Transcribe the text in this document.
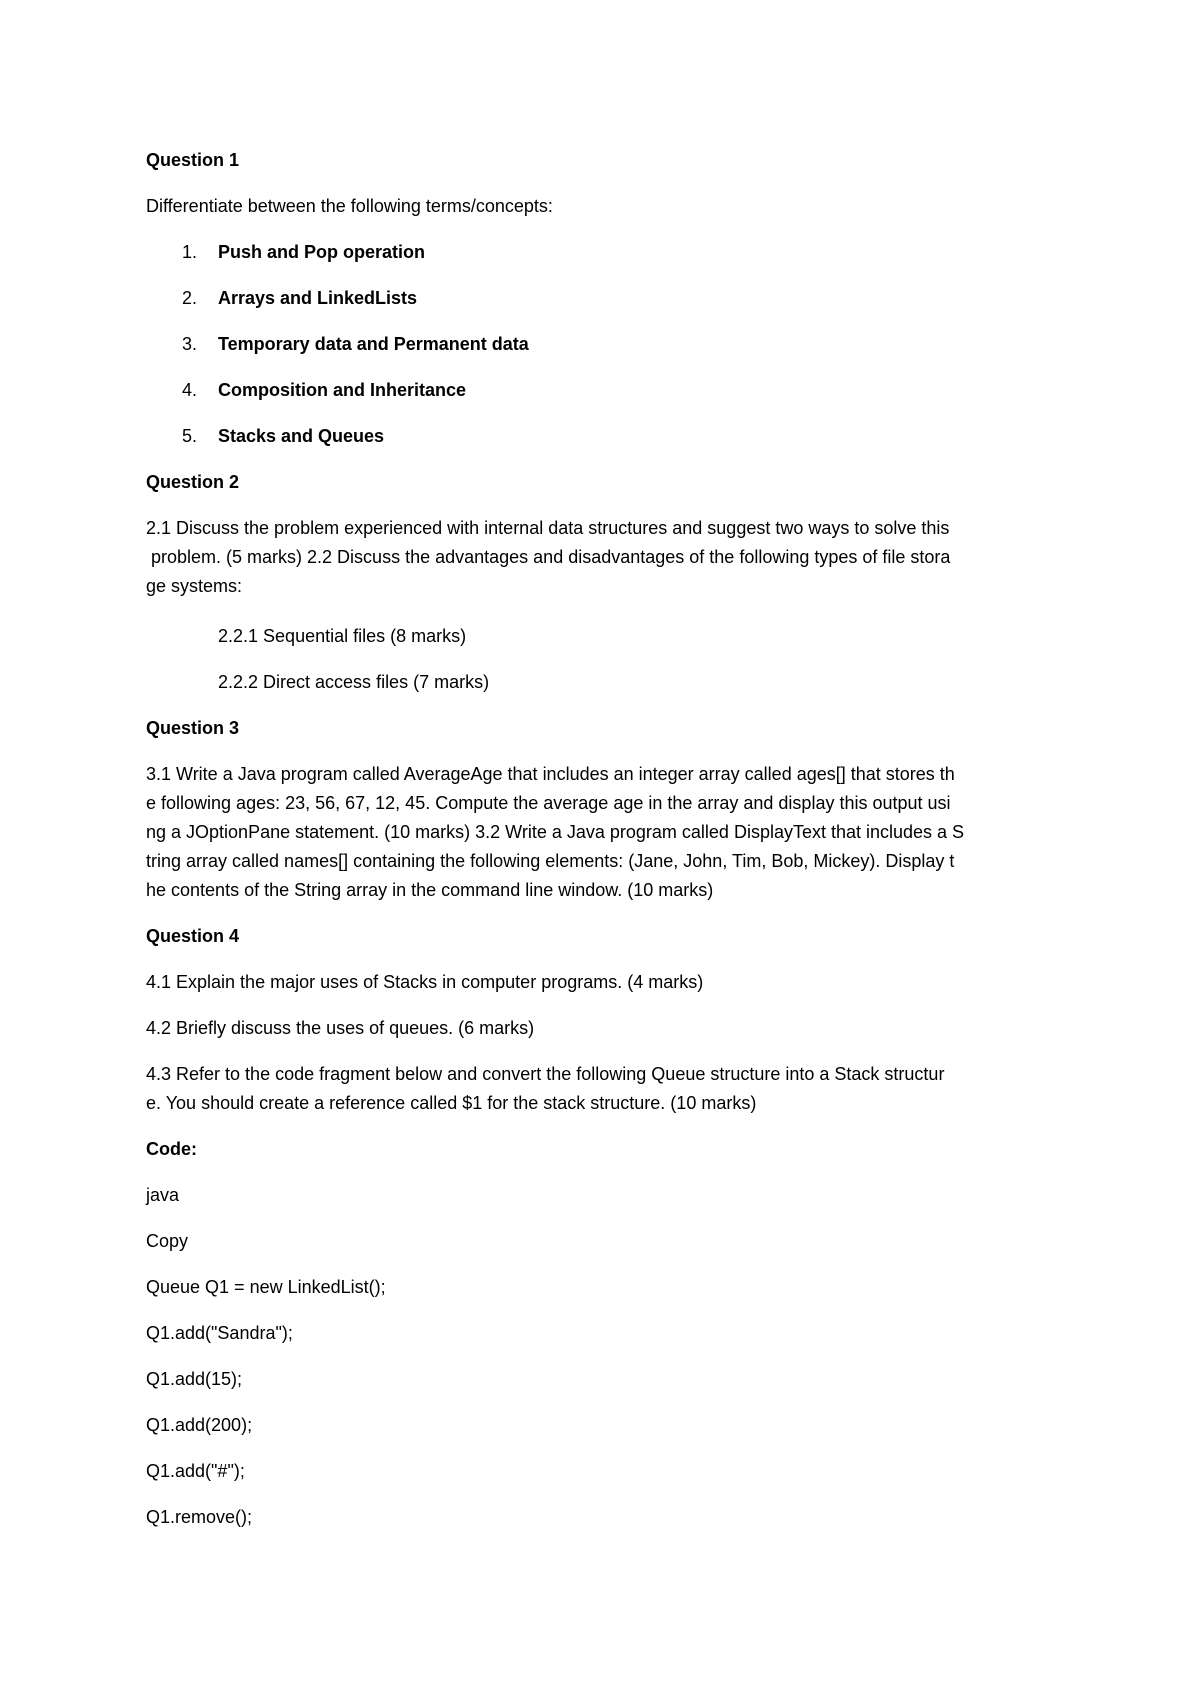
Question 1
Differentiate between the following terms/concepts:
1. Push and Pop operation
2. Arrays and LinkedLists
3. Temporary data and Permanent data
4. Composition and Inheritance
5. Stacks and Queues
Question 2
2.1 Discuss the problem experienced with internal data structures and suggest two ways to solve this
problem. (5 marks) 2.2 Discuss the advantages and disadvantages of the following types of file stora
ge systems:
2.2.1 Sequential files (8 marks)
2.2.2 Direct access files (7 marks)
Question 3
3.1 Write a Java program called AverageAge that includes an integer array called ages[] that stores th
e following ages: 23, 56, 67, 12, 45. Compute the average age in the array and display this output usi
ng a JOptionPane statement. (10 marks) 3.2 Write a Java program called DisplayText that includes a S
tring array called names[] containing the following elements: (Jane, John, Tim, Bob, Mickey). Display t
he contents of the String array in the command line window. (10 marks)
Question 4
4.1 Explain the major uses of Stacks in computer programs. (4 marks)
4.2 Briefly discuss the uses of queues. (6 marks)
4.3 Refer to the code fragment below and convert the following Queue structure into a Stack structur
e. You should create a reference called $1 for the stack structure. (10 marks)
Code:
java
Copy
Queue Q1 = new LinkedList();
Q1.add("Sandra");
Q1.add(15);
Q1.add(200);
Q1.add("#");
Q1.remove();
